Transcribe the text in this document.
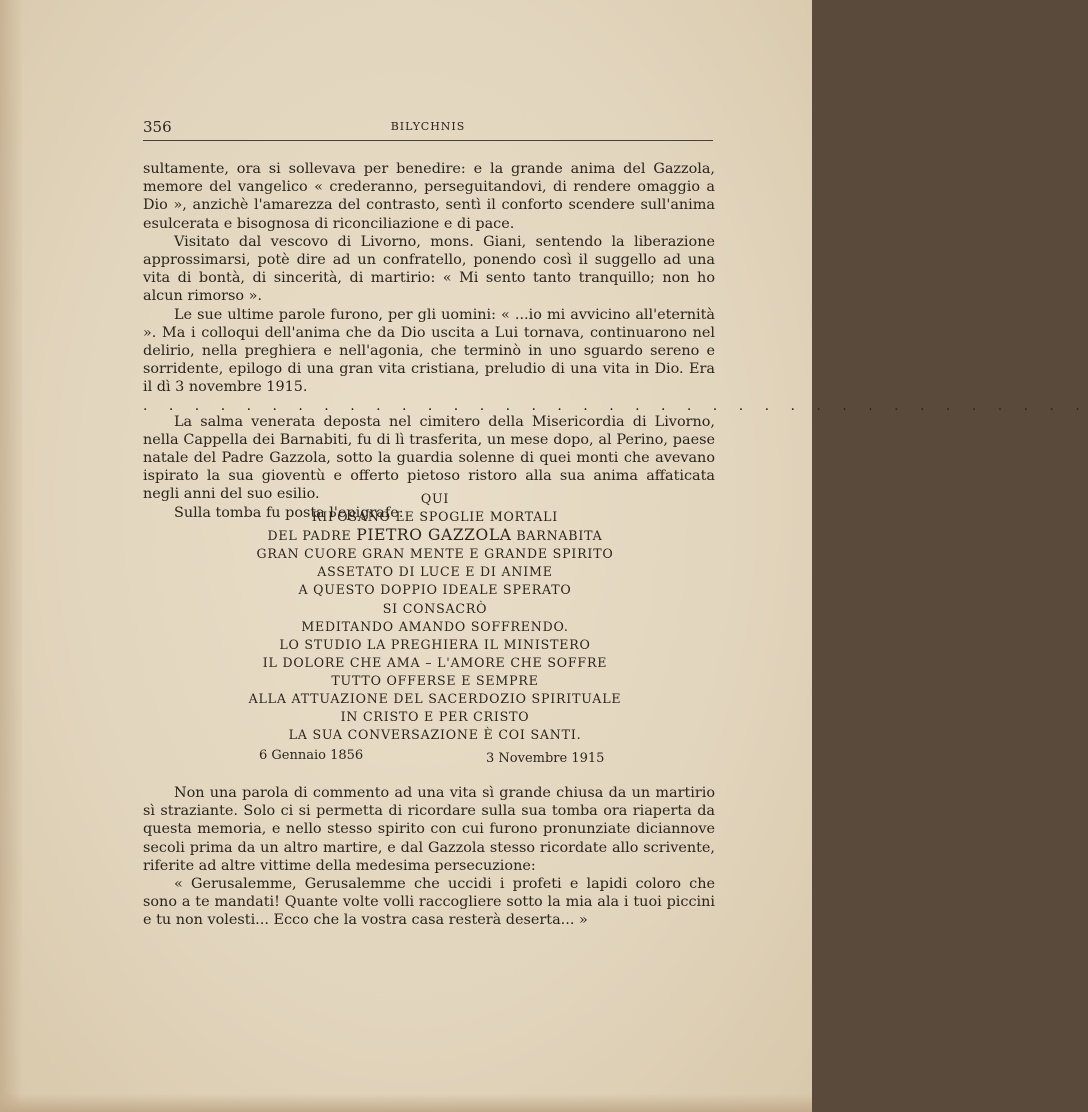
356	BILYCHNIS

sultamente, ora si sollevava per benedire: e la grande anima del Gazzola, memore del vangelico « crederanno, perseguitandovi, di rendere omaggio a Dio », anzichè l'amarezza del contrasto, sentì il conforto scendere sull'anima esulcerata e bisognosa di riconciliazione e di pace.

Visitato dal vescovo di Livorno, mons. Giani, sentendo la liberazione approssimarsi, potè dire ad un confratello, ponendo così il suggello ad una vita di bontà, di sincerità, di martirio: « Mi sento tanto tranquillo; non ho alcun rimorso ».

Le sue ultime parole furono, per gli uomini: « ...io mi avvicino all'eternità ». Ma i colloqui dell'anima che da Dio uscita a Lui tornava, continuarono nel delirio, nella preghiera e nell'agonia, che terminò in uno sguardo sereno e sorridente, epilogo di una gran vita cristiana, preludio di una vita in Dio. Era il dì 3 novembre 1915.

. . . . . . . . . . . . . . . . . . . . . . . . . . . . . . . . . . . . .

La salma venerata deposta nel cimitero della Misericordia di Livorno, nella Cappella dei Barnabiti, fu di lì trasferita, un mese dopo, al Perino, paese natale del Padre Gazzola, sotto la guardia solenne di quei monti che avevano ispirato la sua gioventù e offerto pietoso ristoro alla sua anima affaticata negli anni del suo esilio.

Sulla tomba fu posta l'epigrafe:

QUI
RIPOSANO LE SPOGLIE MORTALI
DEL PADRE PIETRO GAZZOLA BARNABITA
GRAN CUORE GRAN MENTE E GRANDE SPIRITO
ASSETATO DI LUCE E DI ANIME
A QUESTO DOPPIO IDEALE SPERATO
SI CONSACRÒ
MEDITANDO AMANDO SOFFRENDO.
LO STUDIO LA PREGHIERA IL MINISTERO
IL DOLORE CHE AMA – L'AMORE CHE SOFFRE
TUTTO OFFERSE E SEMPRE
ALLA ATTUAZIONE DEL SACERDOZIO SPIRITUALE
IN CRISTO E PER CRISTO
LA SUA CONVERSAZIONE È COI SANTI.
6 Gennaio 1856	3 Novembre 1915

Non una parola di commento ad una vita sì grande chiusa da un martirio sì straziante. Solo ci si permetta di ricordare sulla sua tomba ora riaperta da questa memoria, e nello stesso spirito con cui furono pronunziate diciannove secoli prima da un altro martire, e dal Gazzola stesso ricordate allo scrivente, riferite ad altre vittime della medesima persecuzione:

« Gerusalemme, Gerusalemme che uccidi i profeti e lapidi coloro che sono a te mandati! Quante volte volli raccogliere sotto la mia ala i tuoi piccini e tu non volesti... Ecco che la vostra casa resterà deserta... »
